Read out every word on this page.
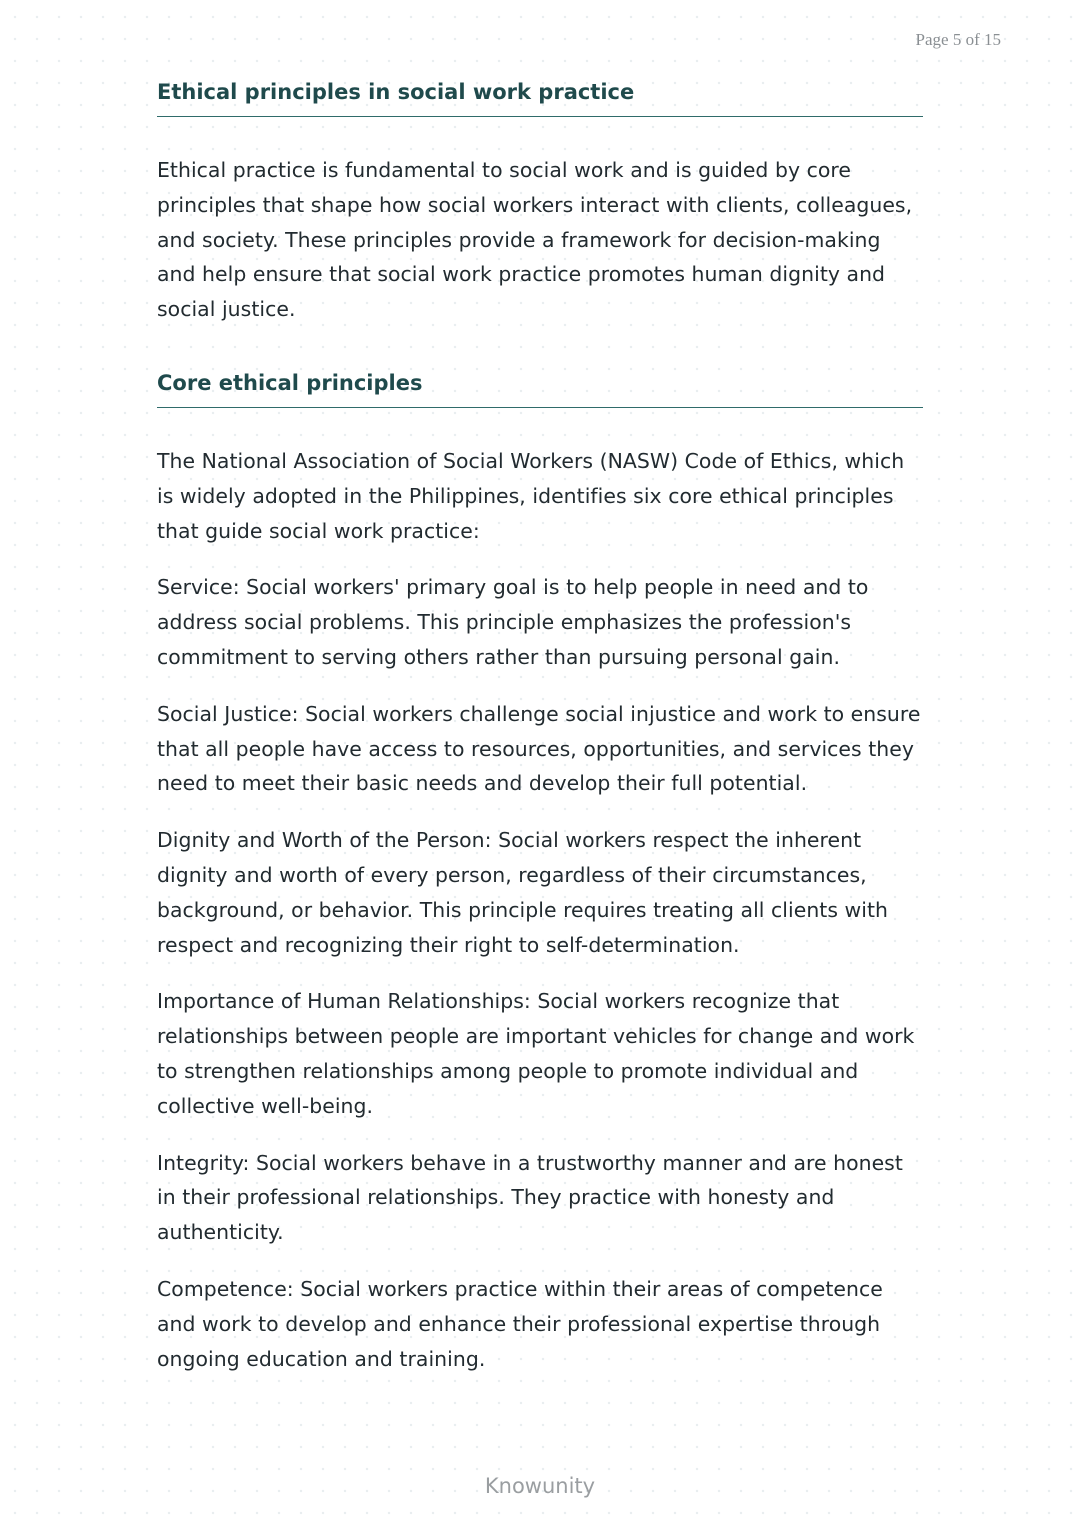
Page 5 of 15
Ethical principles in social work practice

Ethical practice is fundamental to social work and is guided by core principles that shape how social workers interact with clients, colleagues, and society. These principles provide a framework for decision-making and help ensure that social work practice promotes human dignity and social justice.

Core ethical principles

The National Association of Social Workers (NASW) Code of Ethics, which is widely adopted in the Philippines, identifies six core ethical principles that guide social work practice:

Service: Social workers' primary goal is to help people in need and to address social problems. This principle emphasizes the profession's commitment to serving others rather than pursuing personal gain.

Social Justice: Social workers challenge social injustice and work to ensure that all people have access to resources, opportunities, and services they need to meet their basic needs and develop their full potential.

Dignity and Worth of the Person: Social workers respect the inherent dignity and worth of every person, regardless of their circumstances, background, or behavior. This principle requires treating all clients with respect and recognizing their right to self-determination.

Importance of Human Relationships: Social workers recognize that relationships between people are important vehicles for change and work to strengthen relationships among people to promote individual and collective well-being.

Integrity: Social workers behave in a trustworthy manner and are honest in their professional relationships. They practice with honesty and authenticity.

Competence: Social workers practice within their areas of competence and work to develop and enhance their professional expertise through ongoing education and training.

Knowunity
